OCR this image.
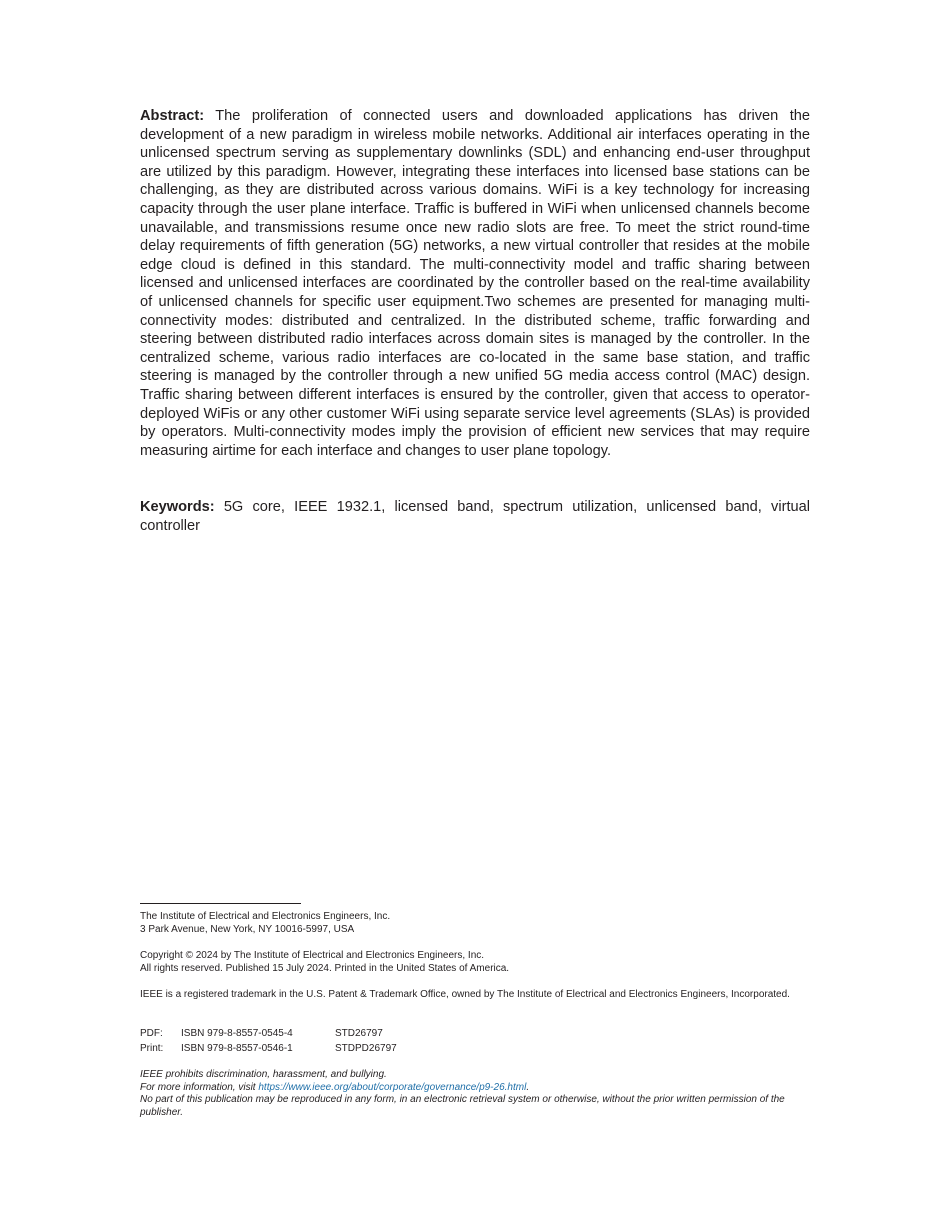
Abstract: The proliferation of connected users and downloaded applications has driven the development of a new paradigm in wireless mobile networks. Additional air interfaces operating in the unlicensed spectrum serving as supplementary downlinks (SDL) and enhancing end-user throughput are utilized by this paradigm. However, integrating these interfaces into licensed base stations can be challenging, as they are distributed across various domains. WiFi is a key technology for increasing capacity through the user plane interface. Traffic is buffered in WiFi when unlicensed channels become unavailable, and transmissions resume once new radio slots are free. To meet the strict round-time delay requirements of fifth generation (5G) networks, a new virtual controller that resides at the mobile edge cloud is defined in this standard. The multi-connectivity model and traffic sharing between licensed and unlicensed interfaces are coordinated by the controller based on the real-time availability of unlicensed channels for specific user equipment.Two schemes are presented for managing multi-connectivity modes: distributed and centralized. In the distributed scheme, traffic forwarding and steering between distributed radio interfaces across domain sites is managed by the controller. In the centralized scheme, various radio interfaces are co-located in the same base station, and traffic steering is managed by the controller through a new unified 5G media access control (MAC) design. Traffic sharing between different interfaces is ensured by the controller, given that access to operator-deployed WiFis or any other customer WiFi using separate service level agreements (SLAs) is provided by operators. Multi-connectivity modes imply the provision of efficient new services that may require measuring airtime for each interface and changes to user plane topology.

Keywords: 5G core, IEEE 1932.1, licensed band, spectrum utilization, unlicensed band, virtual controller

The Institute of Electrical and Electronics Engineers, Inc.
3 Park Avenue, New York, NY 10016-5997, USA
Copyright © 2024 by The Institute of Electrical and Electronics Engineers, Inc.
All rights reserved. Published 15 July 2024. Printed in the United States of America.
IEEE is a registered trademark in the U.S. Patent & Trademark Office, owned by The Institute of Electrical and Electronics Engineers, Incorporated.
PDF:	ISBN 979-8-8557-0545-4	STD26797
Print:	ISBN 979-8-8557-0546-1	STDPD26797
IEEE prohibits discrimination, harassment, and bullying.
For more information, visit https://www.ieee.org/about/corporate/governance/p9-26.html.
No part of this publication may be reproduced in any form, in an electronic retrieval system or otherwise, without the prior written permission of the publisher.
